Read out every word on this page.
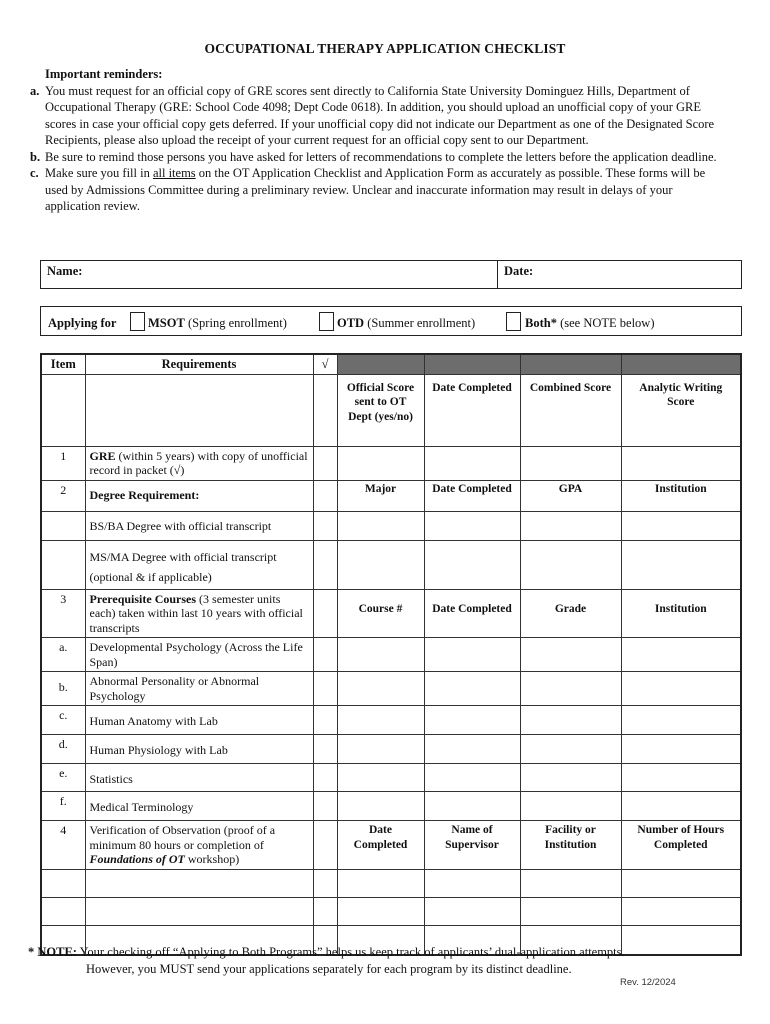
OCCUPATIONAL THERAPY APPLICATION CHECKLIST
Important reminders:
a. You must request for an official copy of GRE scores sent directly to California State University Dominguez Hills, Department of Occupational Therapy (GRE: School Code 4098; Dept Code 0618). In addition, you should upload an unofficial copy of your GRE scores in case your official copy gets deferred. If your unofficial copy did not indicate our Department as one of the Designated Score Recipients, please also upload the receipt of your current request for an official copy sent to our Department.
b. Be sure to remind those persons you have asked for letters of recommendations to complete the letters before the application deadline.
c. Make sure you fill in all items on the OT Application Checklist and Application Form as accurately as possible. These forms will be used by Admissions Committee during a preliminary review. Unclear and inaccurate information may result in delays of your application review.
Name:	Date:
Applying for	MSOT (Spring enrollment)	OTD (Summer enrollment)	Both* (see NOTE below)
Item	Requirements	√				
			Official Score sent to OT Dept (yes/no)	Date Completed	Combined Score	Analytic Writing Score
1	GRE (within 5 years) with copy of unofficial record in packet (√)					
2	Degree Requirement:		Major	Date Completed	GPA	Institution
	BS/BA Degree with official transcript					

	MS/MA Degree with official transcript
(optional & if applicable)					

3	Prerequisite Courses (3 semester units each) taken within last 10 years with official transcripts		Course #	Date Completed	Grade	Institution
a.	Developmental Psychology (Across the Life Span)					
b.	Abnormal Personality or Abnormal Psychology					
c.	Human Anatomy with Lab					
d.	Human Physiology with Lab					
e.	Statistics					
f.	Medical Terminology					
4	Verification of Observation (proof of a minimum 80 hours or completion of Foundations of OT workshop)		Date Completed	Name of Supervisor	Facility or Institution	Number of Hours Completed

* NOTE: Your checking off “Applying to Both Programs” helps us keep track of applicants’ dual-application attempts.
However, you MUST send your applications separately for each program by its distinct deadline.
Rev. 12/2024
